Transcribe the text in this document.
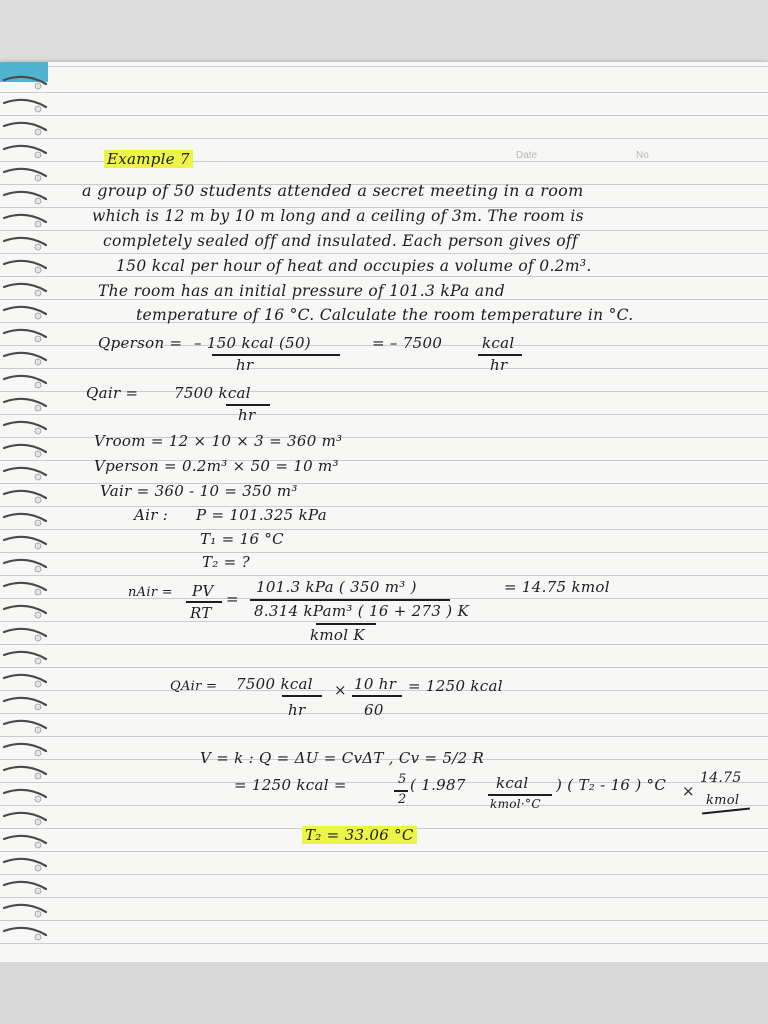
Date	No
Example 7
a group of 50 students attended a secret meeting in a room
which is 12 m by 10 m long and a ceiling of 3m. The room is
completely sealed off and insulated. Each person gives off
150 kcal per hour of heat and occupies a volume of 0.2m³.
The room has an initial pressure of 101.3 kPa and
temperature of 16 °C. Calculate the room temperature in °C.
Qperson = – 150 kcal (50)
hr
= – 7500	kcal
hr
Qair = 7500 kcal
hr
Vroom = 12 × 10 × 3 = 360 m³
Vperson = 0.2m³ × 50 = 10 m³
Vair = 360 - 10 = 350 m³
Air : P = 101.325 kPa
T₁ = 16 °C
T₂ = ?
nAir = PV
RT
=
101.3 kPa ( 350 m³ )
8.314 kPam³ ( 16 + 273 ) K
kmol K
= 14.75 kmol
QAir = 7500 kcal
hr
× 10 hr
60
= 1250 kcal
V = k : Q = ΔU = CvΔT , Cv = 5/2 R
= 1250 kcal =	5
2
( 1.987 kcal
kmol·°C
) ( T₂ - 16 ) °C ×
14.75
kmol
T₂ = 33.06 °C
